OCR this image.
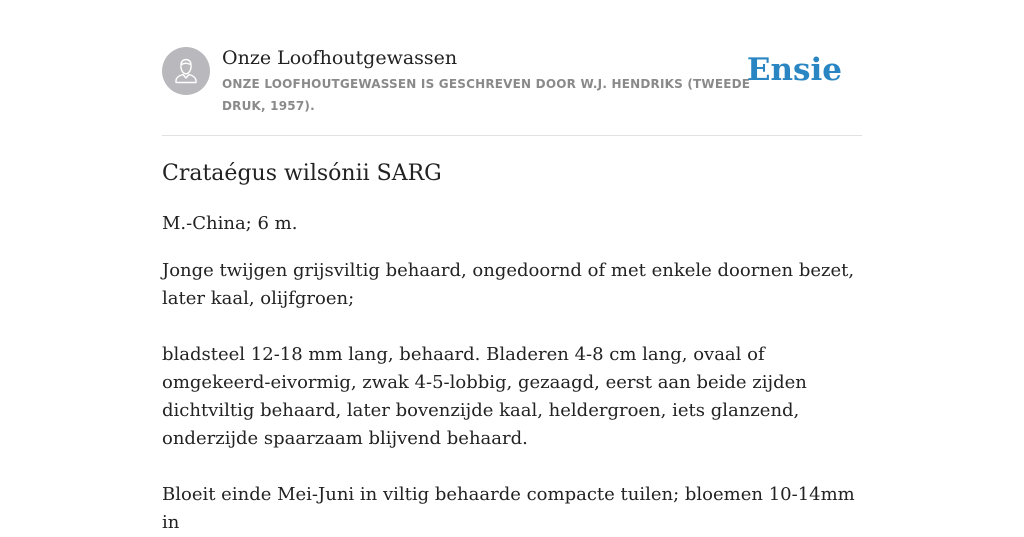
Onze Loofhoutgewassen
ONZE LOOFHOUTGEWASSEN IS GESCHREVEN DOOR W.J. HENDRIKS (TWEEDE DRUK, 1957).
Ensie
Crataégus wilsónii SARG

M.-China; 6 m.

Jonge twijgen grijsviltig behaard, ongedoornd of met enkele doornen bezet, later kaal, olijfgroen;

bladsteel 12-18 mm lang, behaard. Bladeren 4-8 cm lang, ovaal of omgekeerd-eivormig, zwak 4-5-lobbig, gezaagd, eerst aan beide zijden dichtviltig behaard, later bovenzijde kaal, heldergroen, iets glanzend, onderzijde spaarzaam blijvend behaard.

Bloeit einde Mei-Juni in viltig behaarde compacte tuilen; bloemen 10-14mm in
